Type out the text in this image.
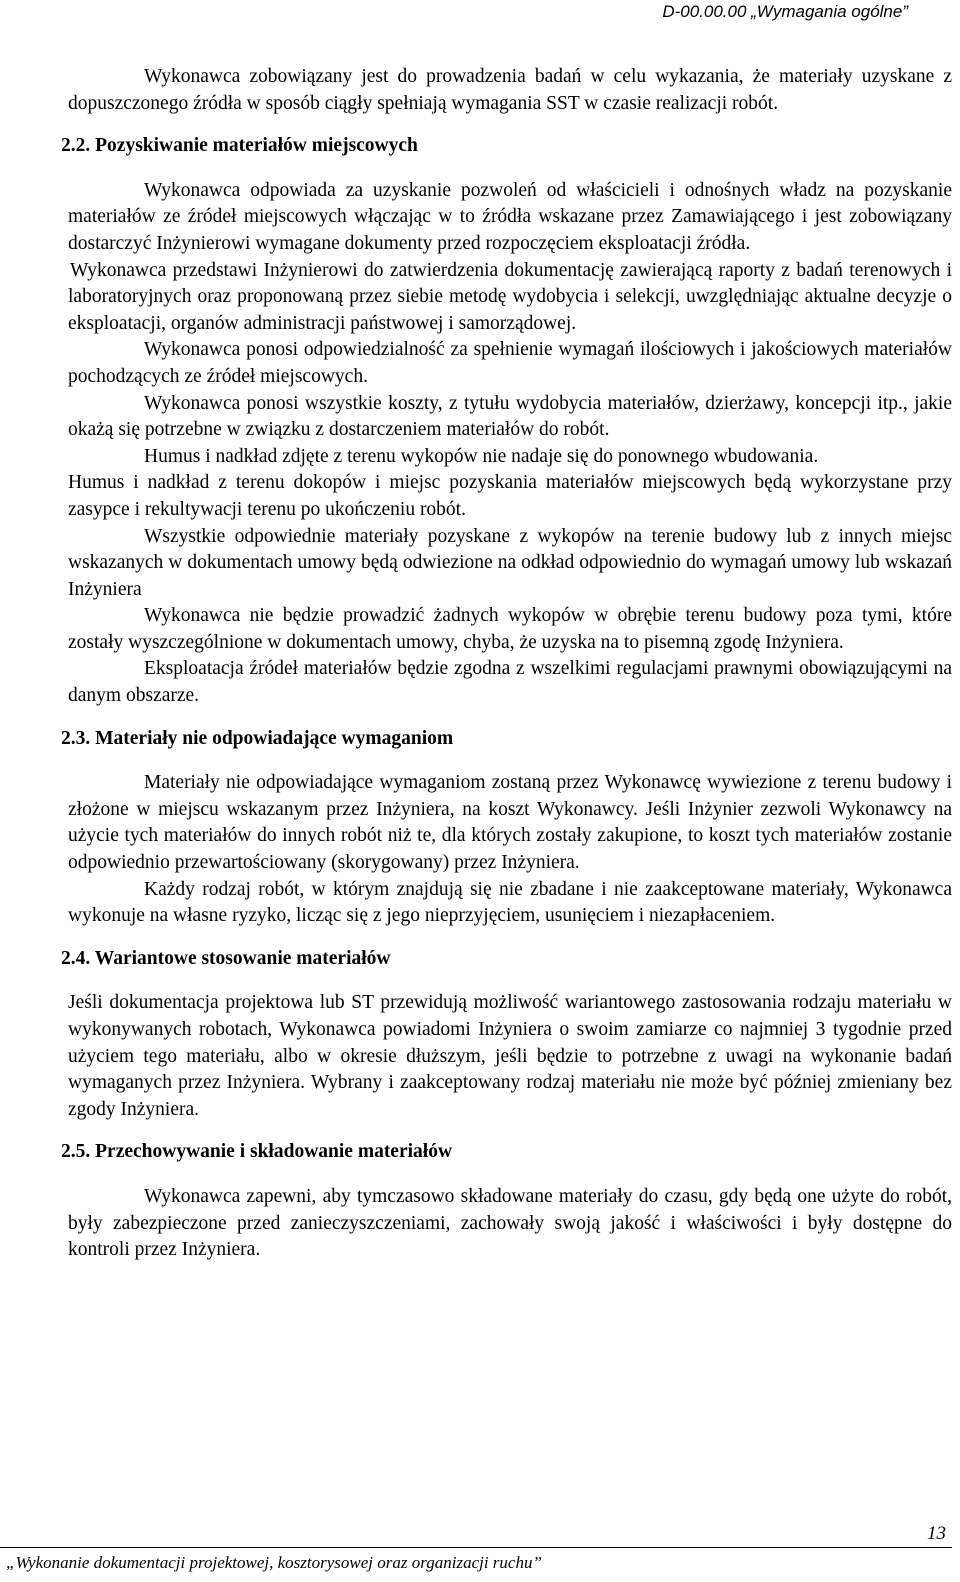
D-00.00.00 „Wymagania ogólne”

Wykonawca zobowiązany jest do prowadzenia badań w celu wykazania, że materiały uzyskane z dopuszczonego źródła w sposób ciągły spełniają wymagania SST w czasie realizacji robót.

2.2. Pozyskiwanie materiałów miejscowych

Wykonawca odpowiada za uzyskanie pozwoleń od właścicieli i odnośnych władz na pozyskanie materiałów ze źródeł miejscowych włączając w to źródła wskazane przez Zamawiającego i jest zobowiązany dostarczyć Inżynierowi wymagane dokumenty przed rozpoczęciem eksploatacji źródła.

Wykonawca przedstawi Inżynierowi do zatwierdzenia dokumentację zawierającą raporty z badań terenowych i laboratoryjnych oraz proponowaną przez siebie metodę wydobycia i selekcji, uwzględniając aktualne decyzje o eksploatacji, organów administracji państwowej i samorządowej.

Wykonawca ponosi odpowiedzialność za spełnienie wymagań ilościowych i jakościowych materiałów pochodzących ze źródeł miejscowych.

Wykonawca ponosi wszystkie koszty, z tytułu wydobycia materiałów, dzierżawy, koncepcji itp., jakie okażą się potrzebne w związku z dostarczeniem materiałów do robót.

Humus i nadkład zdjęte z terenu wykopów nie nadaje się do ponownego wbudowania.

Humus i nadkład z terenu dokopów i miejsc pozyskania materiałów miejscowych będą wykorzystane przy zasypce i rekultywacji terenu po ukończeniu robót.

Wszystkie odpowiednie materiały pozyskane z wykopów na terenie budowy lub z innych miejsc wskazanych w dokumentach umowy będą odwiezione na odkład odpowiednio do wymagań umowy lub wskazań Inżyniera

Wykonawca nie będzie prowadzić żadnych wykopów w obrębie terenu budowy poza tymi, które zostały wyszczególnione w dokumentach umowy, chyba, że uzyska na to pisemną zgodę Inżyniera.

Eksploatacja źródeł materiałów będzie zgodna z wszelkimi regulacjami prawnymi obowiązującymi na danym obszarze.

2.3. Materiały nie odpowiadające wymaganiom

Materiały nie odpowiadające wymaganiom zostaną przez Wykonawcę wywiezione z terenu budowy i złożone w miejscu wskazanym przez Inżyniera, na koszt Wykonawcy. Jeśli Inżynier zezwoli Wykonawcy na użycie tych materiałów do innych robót niż te, dla których zostały zakupione, to koszt tych materiałów zostanie odpowiednio przewartościowany (skorygowany) przez Inżyniera.

Każdy rodzaj robót, w którym znajdują się nie zbadane i nie zaakceptowane materiały, Wykonawca wykonuje na własne ryzyko, licząc się z jego nieprzyjęciem, usunięciem i niezapłaceniem.

2.4. Wariantowe stosowanie materiałów

Jeśli dokumentacja projektowa lub ST przewidują możliwość wariantowego zastosowania rodzaju materiału w wykonywanych robotach, Wykonawca powiadomi Inżyniera o swoim zamiarze co najmniej 3 tygodnie przed użyciem tego materiału, albo w okresie dłuższym, jeśli będzie to potrzebne z uwagi na wykonanie badań wymaganych przez Inżyniera. Wybrany i zaakceptowany rodzaj materiału nie może być później zmieniany bez zgody Inżyniera.

2.5. Przechowywanie i składowanie materiałów

Wykonawca zapewni, aby tymczasowo składowane materiały do czasu, gdy będą one użyte do robót, były zabezpieczone przed zanieczyszczeniami, zachowały swoją jakość i właściwości i były dostępne do kontroli przez Inżyniera.

13
„Wykonanie dokumentacji projektowej, kosztorysowej oraz organizacji ruchu”
